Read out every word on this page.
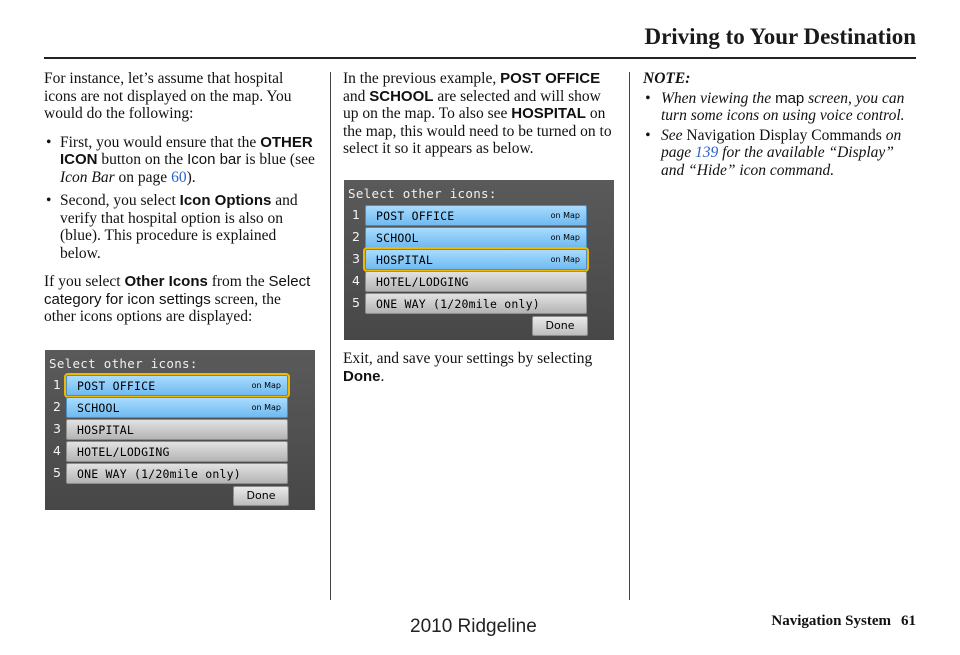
Driving to Your Destination

For instance, let’s assume that hospital icons are not displayed on the map. You would do the following:

• First, you would ensure that the OTHER ICON button on the Icon bar is blue (see Icon Bar on page 60).
• Second, you select Icon Options and verify that hospital option is also on (blue). This procedure is explained below.

If you select Other Icons from the Select category for icon settings screen, the other icons options are displayed:

Select other icons:
1	POST OFFICE	on Map
2	SCHOOL	on Map
3	HOSPITAL
4	HOTEL/LODGING
5	ONE WAY (1/20mile only)
Done

In the previous example, POST OFFICE and SCHOOL are selected and will show up on the map. To also see HOSPITAL on the map, this would need to be turned on to select it so it appears as below.

Select other icons:
1	POST OFFICE	on Map
2	SCHOOL	on Map
3	HOSPITAL	on Map
4	HOTEL/LODGING
5	ONE WAY (1/20mile only)
Done

Exit, and save your settings by selecting Done.

NOTE:
• When viewing the map screen, you can turn some icons on using voice control.
• See Navigation Display Commands on page 139 for the available “Display” and “Hide” icon command.
Navigation System 61
2010 Ridgeline
